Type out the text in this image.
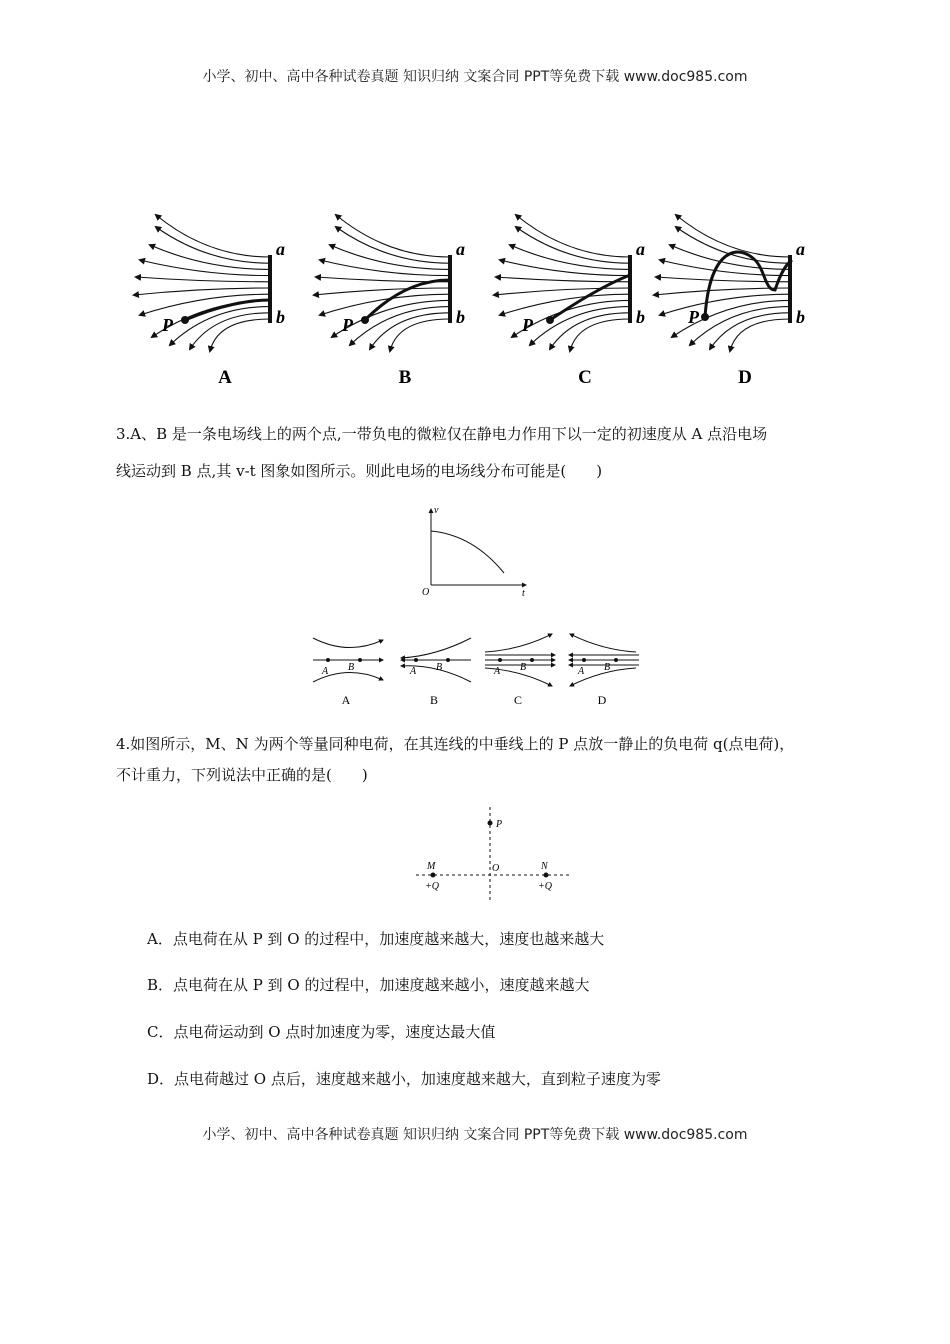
小学、初中、高中各种试卷真题 知识归纳 文案合同 PPT等免费下载 www.doc985.com
a
b
P
A
a
b
P
B
a
b
P
C
a
b
P
D
3.A、B 是一条电场线上的两个点,一带负电的微粒仅在静电力作用下以一定的初速度从 A 点沿电场
线运动到 B 点,其 v-t 图象如图所示。则此电场的电场线分布可能是(　　)
v
t
O
A B
A
A B
B
A B
C
A B
D
4.如图所示，M、N 为两个等量同种电荷，在其连线的中垂线上的 P 点放一静止的负电荷 q(点电荷)，
不计重力，下列说法中正确的是(　　)
P
M	N
O
+Q	+Q
A．点电荷在从 P 到 O 的过程中，加速度越来越大，速度也越来越大
B．点电荷在从 P 到 O 的过程中，加速度越来越小，速度越来越大
C．点电荷运动到 O 点时加速度为零，速度达最大值
D．点电荷越过 O 点后，速度越来越小，加速度越来越大，直到粒子速度为零
小学、初中、高中各种试卷真题 知识归纳 文案合同 PPT等免费下载 www.doc985.com
